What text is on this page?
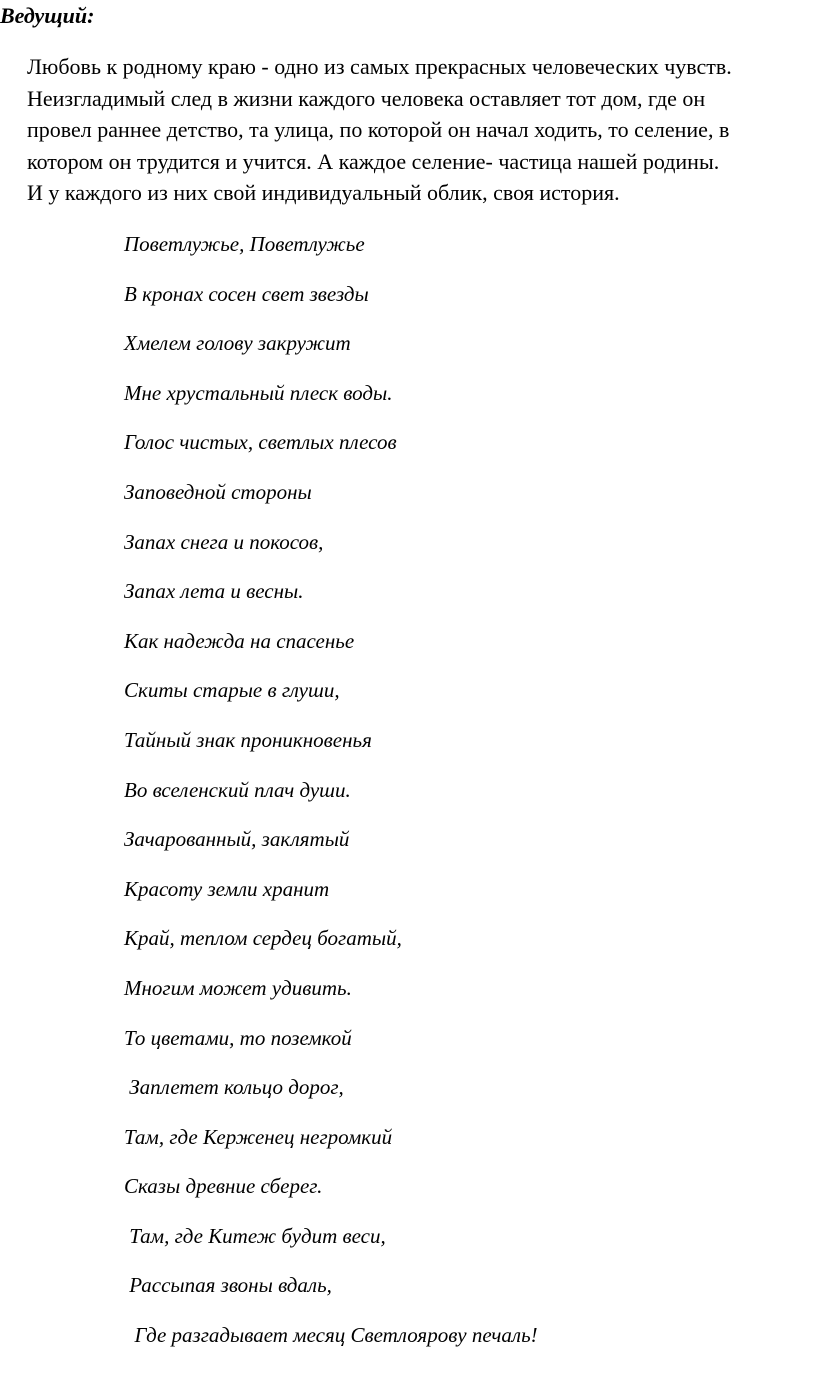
Ведущий:

Любовь к родному краю - одно из самых прекрасных человеческих чувств.
Неизгладимый след в жизни каждого человека оставляет тот дом, где он
провел раннее детство, та улица, по которой он начал ходить, то селение, в
котором он трудится и учится. А каждое селение- частица нашей родины.
И у каждого из них свой индивидуальный облик, своя история.

Поветлужье, Поветлужье
В кронах сосен свет звезды
Хмелем голову закружит
Мне хрустальный плеск воды.
Голос чистых, светлых плесов
Заповедной стороны
Запах снега и покосов,
Запах лета и весны.
Как надежда на спасенье
Скиты старые в глуши,
Тайный знак проникновенья
Во вселенский плач души.
Зачарованный, заклятый
Красоту земли хранит
Край, теплом сердец богатый,
Многим может удивить.
То цветами, то поземкой
Заплетет кольцо дорог,
Там, где Керженец негромкий
Сказы древние сберег.
Там, где Китеж будит веси,
Рассыпая звоны вдаль,
Где разгадывает месяц Светлоярову печаль!
